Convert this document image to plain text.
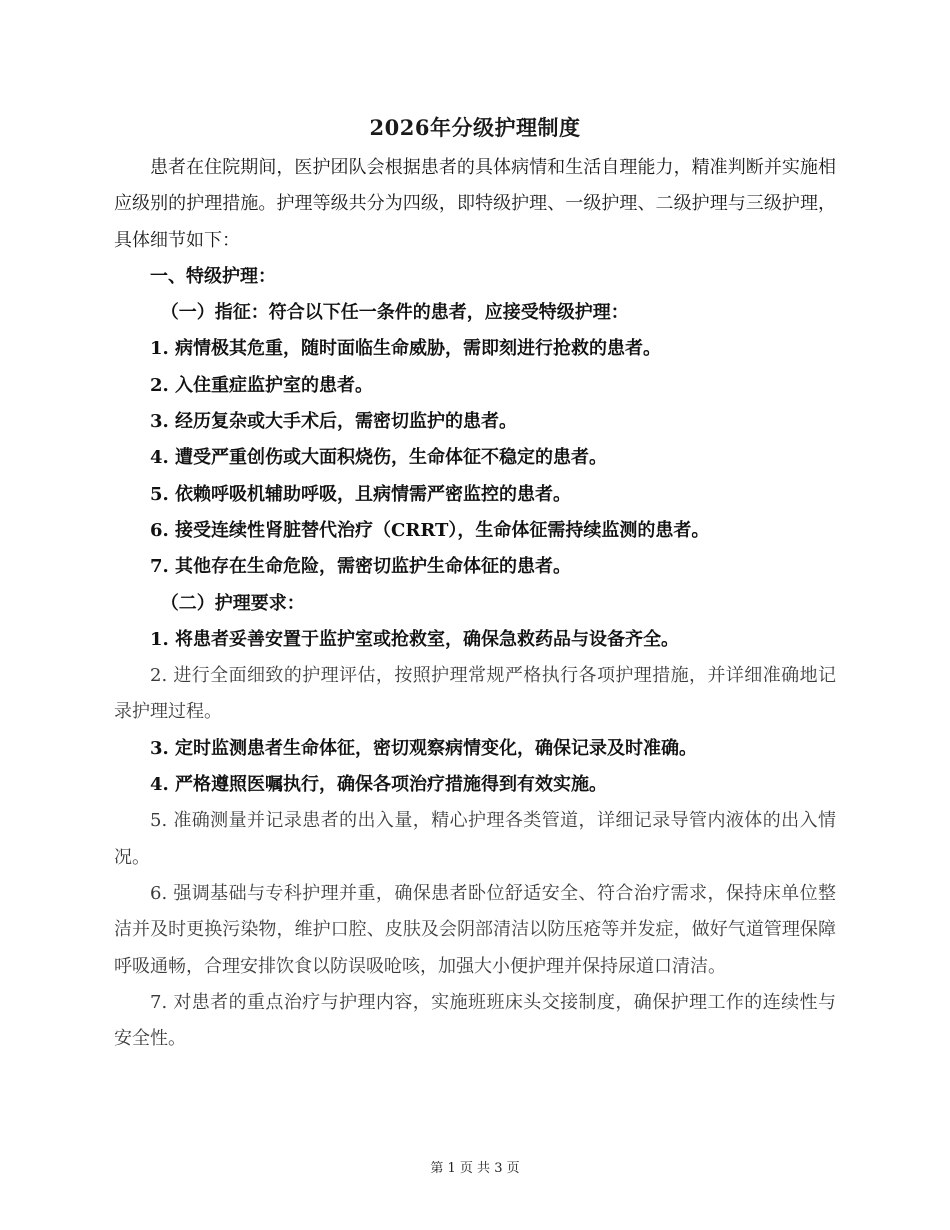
2026年分级护理制度

患者在住院期间，医护团队会根据患者的具体病情和生活自理能力，精准判断并实施相应级别的护理措施。护理等级共分为四级，即特级护理、一级护理、二级护理与三级护理，具体细节如下：

一、特级护理：

（一）指征：符合以下任一条件的患者，应接受特级护理：

1. 病情极其危重，随时面临生命威胁，需即刻进行抢救的患者。

2. 入住重症监护室的患者。

3. 经历复杂或大手术后，需密切监护的患者。

4. 遭受严重创伤或大面积烧伤，生命体征不稳定的患者。

5. 依赖呼吸机辅助呼吸，且病情需严密监控的患者。

6. 接受连续性肾脏替代治疗（CRRT），生命体征需持续监测的患者。

7. 其他存在生命危险，需密切监护生命体征的患者。

（二）护理要求：

1. 将患者妥善安置于监护室或抢救室，确保急救药品与设备齐全。

2. 进行全面细致的护理评估，按照护理常规严格执行各项护理措施，并详细准确地记录护理过程。

3. 定时监测患者生命体征，密切观察病情变化，确保记录及时准确。

4. 严格遵照医嘱执行，确保各项治疗措施得到有效实施。

5. 准确测量并记录患者的出入量，精心护理各类管道，详细记录导管内液体的出入情况。

6. 强调基础与专科护理并重，确保患者卧位舒适安全、符合治疗需求，保持床单位整洁并及时更换污染物，维护口腔、皮肤及会阴部清洁以防压疮等并发症，做好气道管理保障呼吸通畅，合理安排饮食以防误吸呛咳，加强大小便护理并保持尿道口清洁。

7. 对患者的重点治疗与护理内容，实施班班床头交接制度，确保护理工作的连续性与安全性。

第 1 页 共 3 页
